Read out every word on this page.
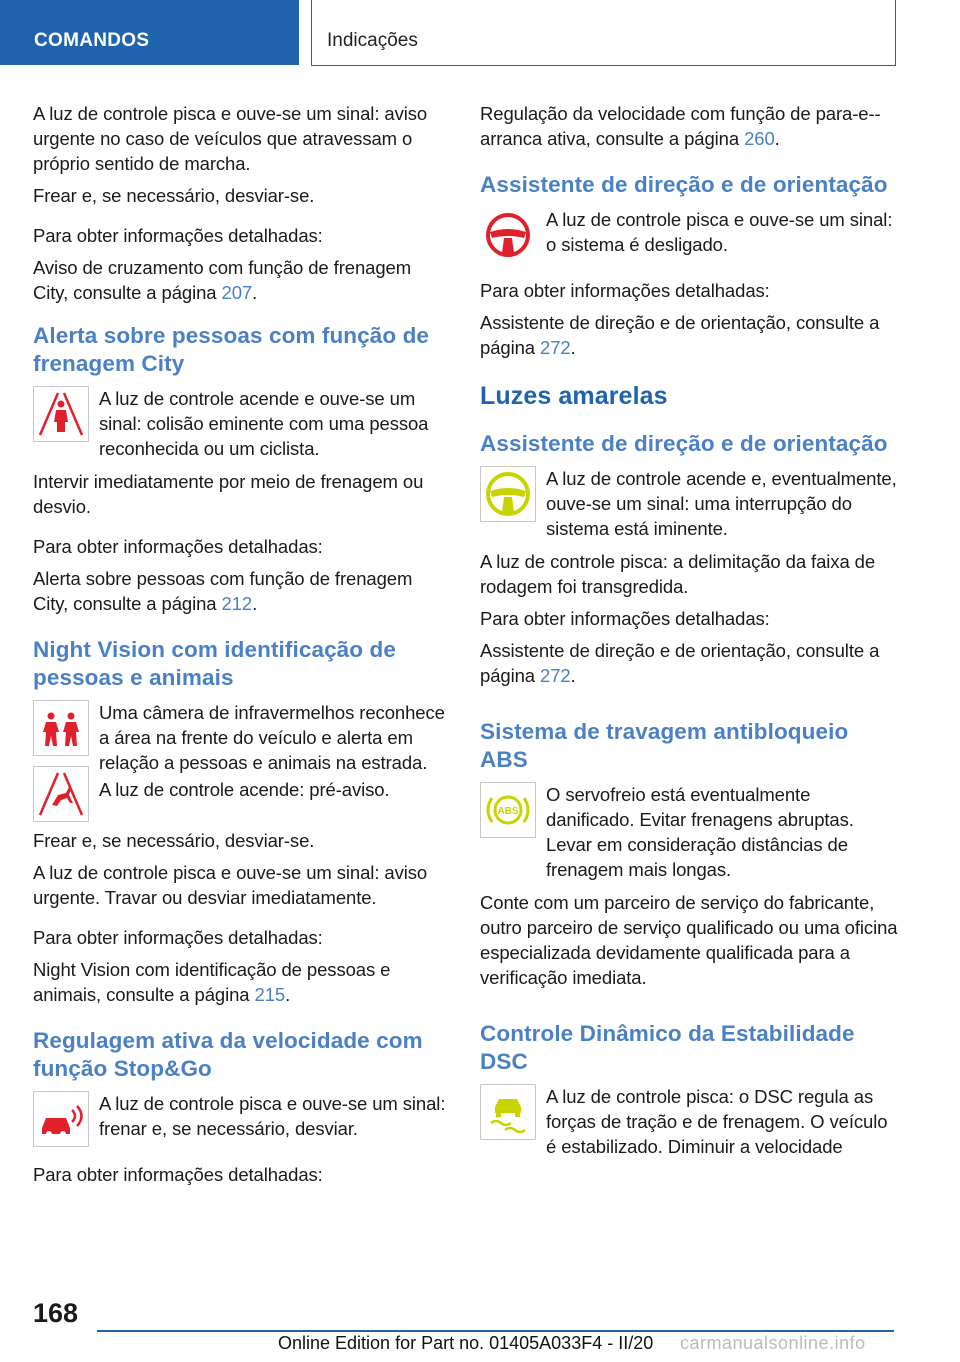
COMANDOS	Indicações

A luz de controle pisca e ouve-se um sinal: aviso urgente no caso de veículos que atravessam o próprio sentido de marcha.

Frear e, se necessário, desviar-se.

Para obter informações detalhadas:

Aviso de cruzamento com função de frenagem City, consulte a página 207.

Alerta sobre pessoas com função de frenagem City

A luz de controle acende e ouve-se um sinal: colisão eminente com uma pessoa reconhecida ou um ciclista.

Intervir imediatamente por meio de frenagem ou desvio.

Para obter informações detalhadas:

Alerta sobre pessoas com função de frenagem City, consulte a página 212.

Night Vision com identificação de pessoas e animais

Uma câmera de infravermelhos reconhece a área na frente do veículo e alerta em relação a pessoas e animais na estrada.

A luz de controle acende: pré-aviso.

Frear e, se necessário, desviar-se.

A luz de controle pisca e ouve-se um sinal: aviso urgente. Travar ou desviar imediatamente.

Para obter informações detalhadas:

Night Vision com identificação de pessoas e animais, consulte a página 215.

Regulagem ativa da velocidade com função Stop&Go

A luz de controle pisca e ouve-se um sinal: frenar e, se necessário, desviar.

Para obter informações detalhadas:

Regulação da velocidade com função de para-e--arranca ativa, consulte a página 260.

Assistente de direção e de orientação

A luz de controle pisca e ouve-se um sinal: o sistema é desligado.

Para obter informações detalhadas:

Assistente de direção e de orientação, consulte a página 272.

Luzes amarelas
Assistente de direção e de orientação

A luz de controle acende e, eventualmente, ouve-se um sinal: uma interrupção do sistema está iminente.

A luz de controle pisca: a delimitação da faixa de rodagem foi transgredida.

Para obter informações detalhadas:

Assistente de direção e de orientação, consulte a página 272.

Sistema de travagem antibloqueio ABS
ABS

O servofreio está eventualmente danificado. Evitar frenagens abruptas. Levar em consideração distâncias de frenagem mais longas.

Conte com um parceiro de serviço do fabricante, outro parceiro de serviço qualificado ou uma oficina especializada devidamente qualificada para a verificação imediata.

Controle Dinâmico da Estabilidade DSC

A luz de controle pisca: o DSC regula as forças de tração e de frenagem. O veículo é estabilizado. Diminuir a velocidade

168
Online Edition for Part no. 01405A033F4 - II/20 carmanualsonline.info
